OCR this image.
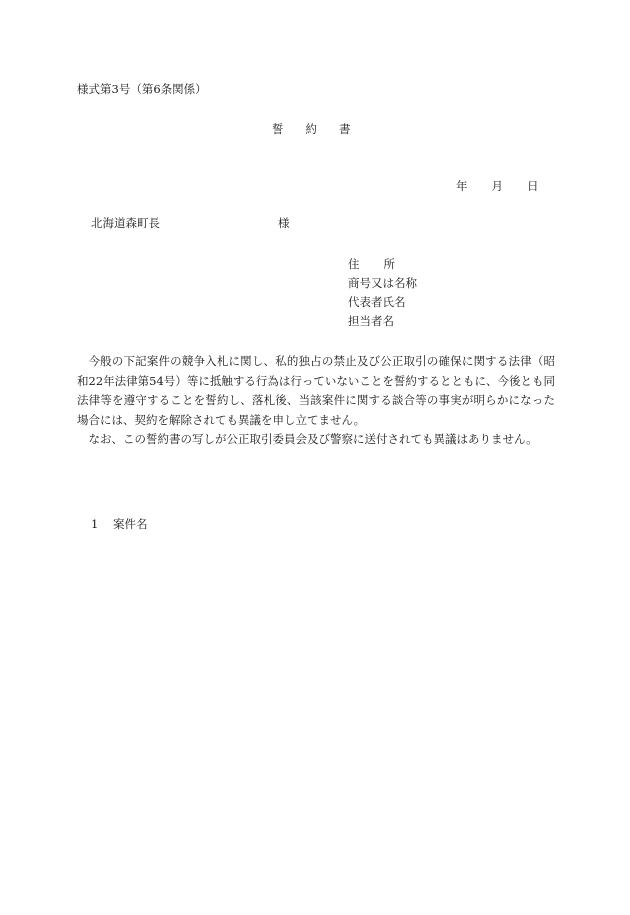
様式第3号（第6条関係）
誓 約 書
年 月 日
北海道森町長	様
住 所
商号又は名称
代表者氏名
担当者名

今般の下記案件の競争入札に関し、私的独占の禁止及び公正取引の確保に関する法律（昭和22年法律第54号）等に抵触する行為は行っていないことを誓約するとともに、今後とも同法律等を遵守することを誓約し、落札後、当該案件に関する談合等の事実が明らかになった場合には、契約を解除されても異議を申し立てません。

なお、この誓約書の写しが公正取引委員会及び警察に送付されても異議はありません。

1 案件名
